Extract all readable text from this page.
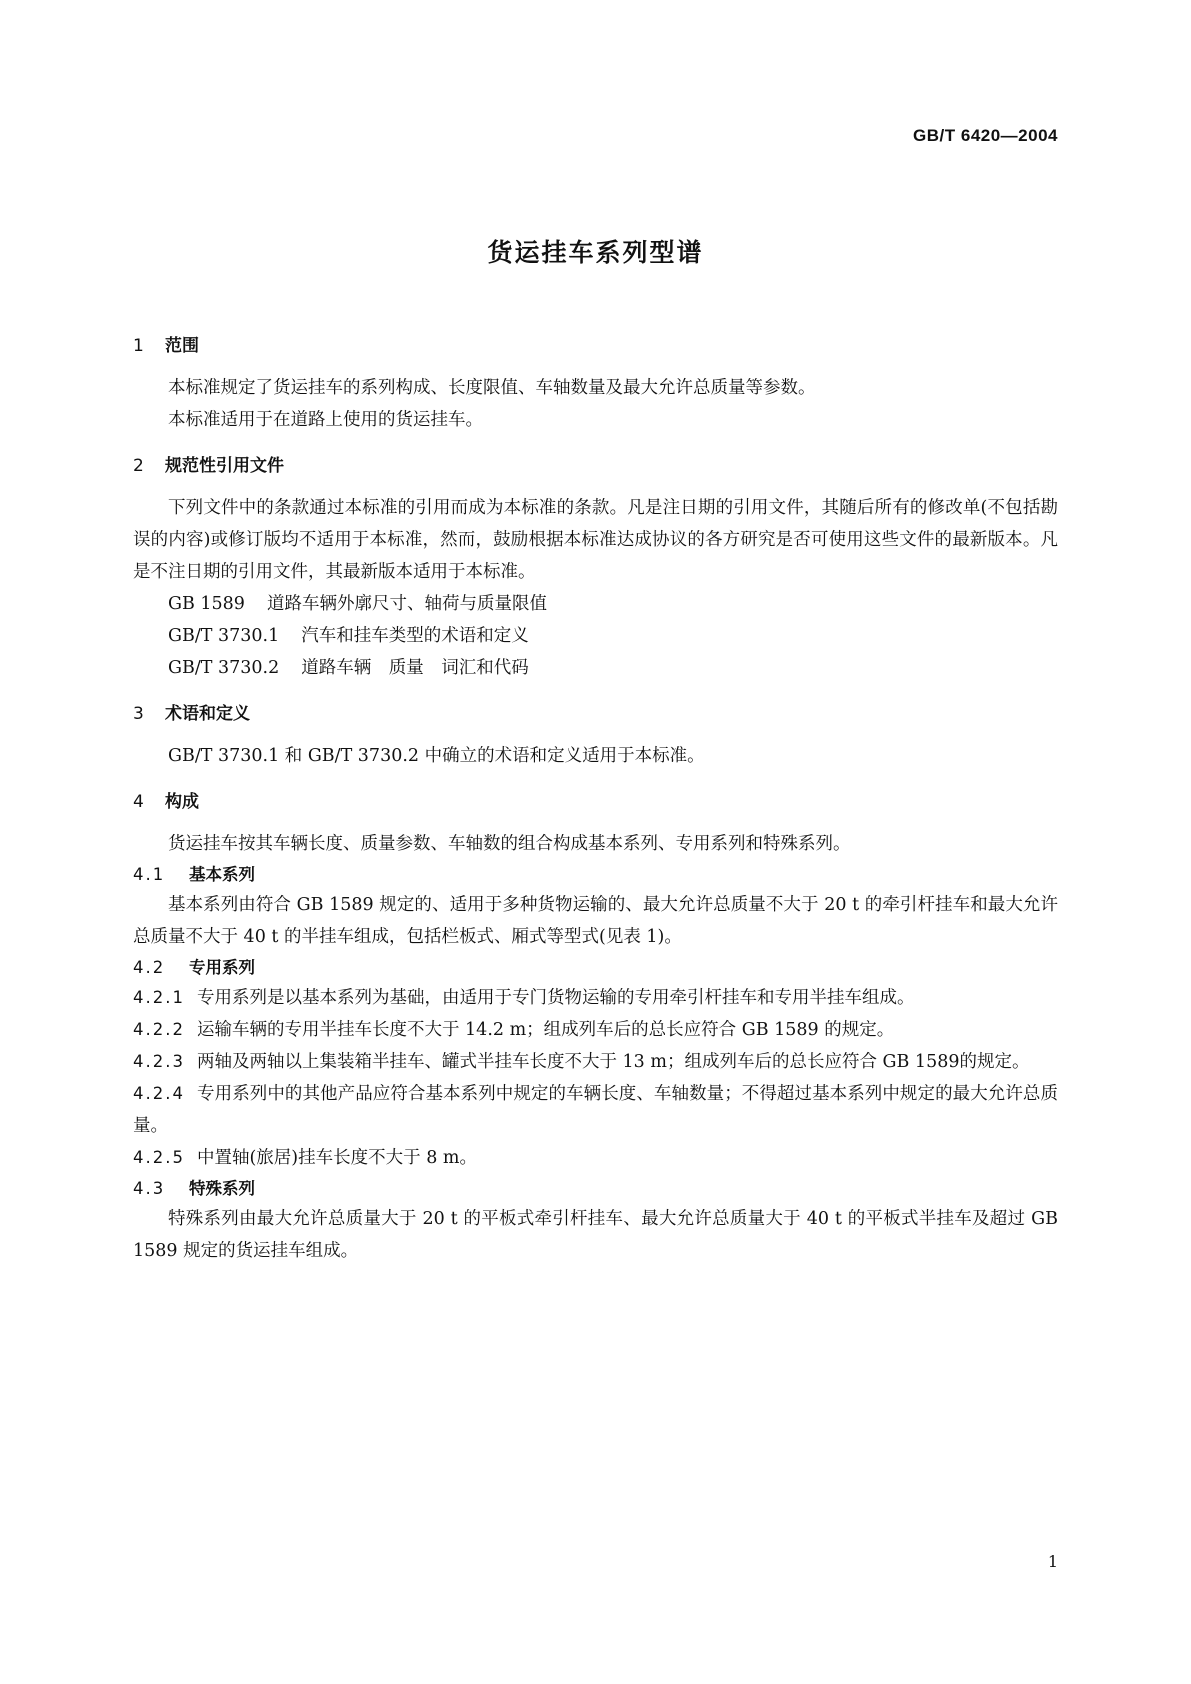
GB/T 6420—2004
货运挂车系列型谱
1 范围

本标准规定了货运挂车的系列构成、长度限值、车轴数量及最大允许总质量等参数。

本标准适用于在道路上使用的货运挂车。

2 规范性引用文件

下列文件中的条款通过本标准的引用而成为本标准的条款。凡是注日期的引用文件，其随后所有的修改单(不包括勘误的内容)或修订版均不适用于本标准，然而，鼓励根据本标准达成协议的各方研究是否可使用这些文件的最新版本。凡是不注日期的引用文件，其最新版本适用于本标准。

GB 1589 道路车辆外廓尺寸、轴荷与质量限值
GB/T 3730.1 汽车和挂车类型的术语和定义
GB/T 3730.2 道路车辆　质量　词汇和代码
3 术语和定义

GB/T 3730.1 和 GB/T 3730.2 中确立的术语和定义适用于本标准。

4 构成

货运挂车按其车辆长度、质量参数、车轴数的组合构成基本系列、专用系列和特殊系列。

4.1 基本系列

基本系列由符合 GB 1589 规定的、适用于多种货物运输的、最大允许总质量不大于 20 t 的牵引杆挂车和最大允许总质量不大于 40 t 的半挂车组成，包括栏板式、厢式等型式(见表 1)。

4.2 专用系列

4.2.1 专用系列是以基本系列为基础，由适用于专门货物运输的专用牵引杆挂车和专用半挂车组成。

4.2.2 运输车辆的专用半挂车长度不大于 14.2 m；组成列车后的总长应符合 GB 1589 的规定。

4.2.3 两轴及两轴以上集装箱半挂车、罐式半挂车长度不大于 13 m；组成列车后的总长应符合 GB 1589的规定。

4.2.4 专用系列中的其他产品应符合基本系列中规定的车辆长度、车轴数量；不得超过基本系列中规定的最大允许总质量。

4.2.5 中置轴(旅居)挂车长度不大于 8 m。

4.3 特殊系列

特殊系列由最大允许总质量大于 20 t 的平板式牵引杆挂车、最大允许总质量大于 40 t 的平板式半挂车及超过 GB 1589 规定的货运挂车组成。

1
